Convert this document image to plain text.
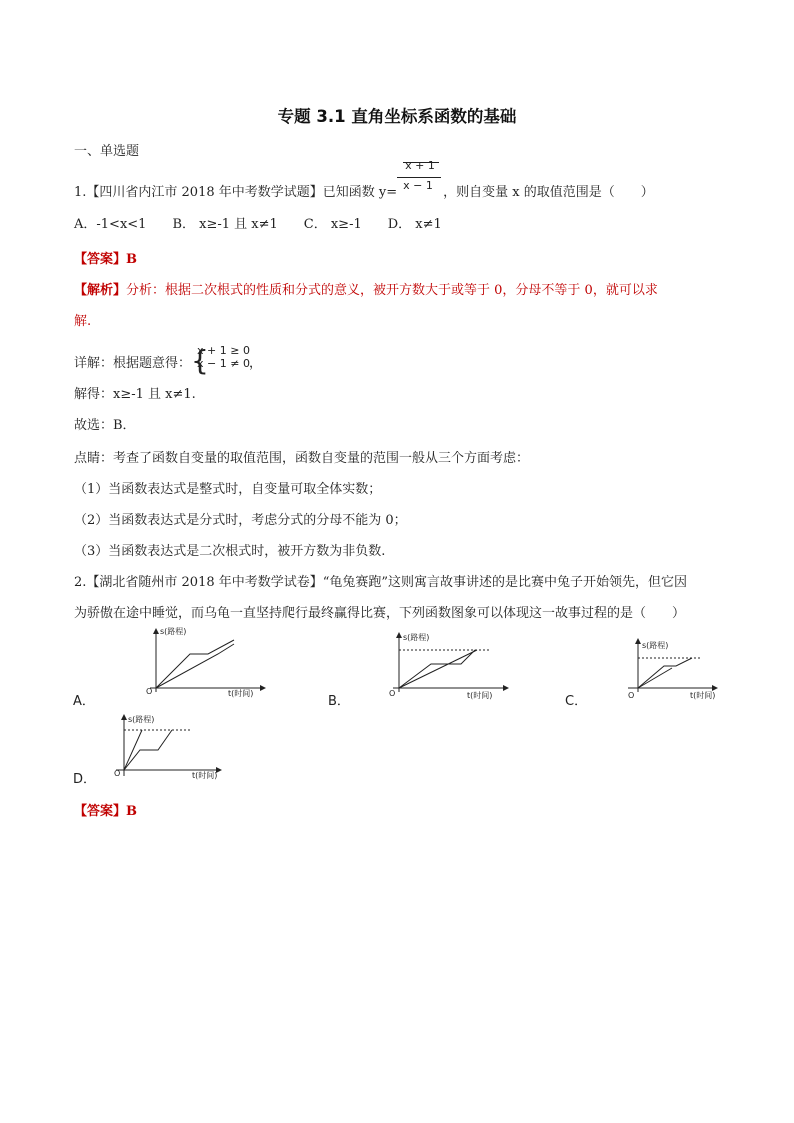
专题 3.1 直角坐标系函数的基础
一、单选题
1.【四川省内江市 2018 年中考数学试题】已知函数 $y= \frac{x + 1}{x - 1}$ ，则自变量 x 的取值范围是（　　）
A．-1<x<1　　B． x≥-1 且 x≠1　　C． x≥-1　　D． x≠1
【答案】B
【解析】分析：根据二次根式的性质和分式的意义，被开方数大于或等于 0，分母不等于 0，就可以求
解.
详解：根据题意得： {
x + 1 ≥ 0
x − 1 ≠ 0 ，
解得：x≥-1 且 x≠1.
故选：B．
点睛：考查了函数自变量的取值范围，函数自变量的范围一般从三个方面考虑：
（1）当函数表达式是整式时，自变量可取全体实数；
（2）当函数表达式是分式时，考虑分式的分母不能为 0；
（3）当函数表达式是二次根式时，被开方数为非负数.
2.【湖北省随州市 2018 年中考数学试卷】“龟兔赛跑”这则寓言故事讲述的是比赛中兔子开始领先，但它因
为骄傲在途中睡觉，而乌龟一直坚持爬行最终赢得比赛，下列函数图象可以体现这一故事过程的是（　　）
A．
s(路程)
t(时间)
O
B．
s(路程)
t(时间)
O
C．
s(路程)
t(时间)
O
D．
s(路程)
t(时间)
O
【答案】B
